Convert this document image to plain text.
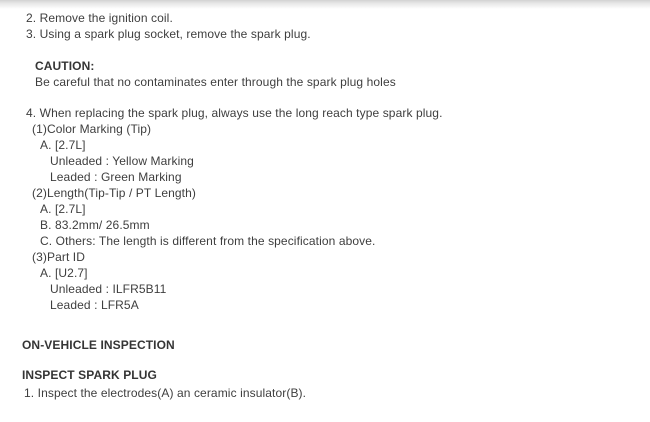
2. Remove the ignition coil.
3. Using a spark plug socket, remove the spark plug.
CAUTION:
Be careful that no contaminates enter through the spark plug holes
4. When replacing the spark plug, always use the long reach type spark plug.
(1)Color Marking (Tip)
A. [2.7L]
Unleaded : Yellow Marking
Leaded : Green Marking
(2)Length(Tip-Tip / PT Length)
A. [2.7L]
B. 83.2mm/ 26.5mm
C. Others: The length is different from the specification above.
(3)Part ID
A. [U2.7]
Unleaded : ILFR5B11
Leaded : LFR5A
ON-VEHICLE INSPECTION
INSPECT SPARK PLUG
1. Inspect the electrodes(A) an ceramic insulator(B).
